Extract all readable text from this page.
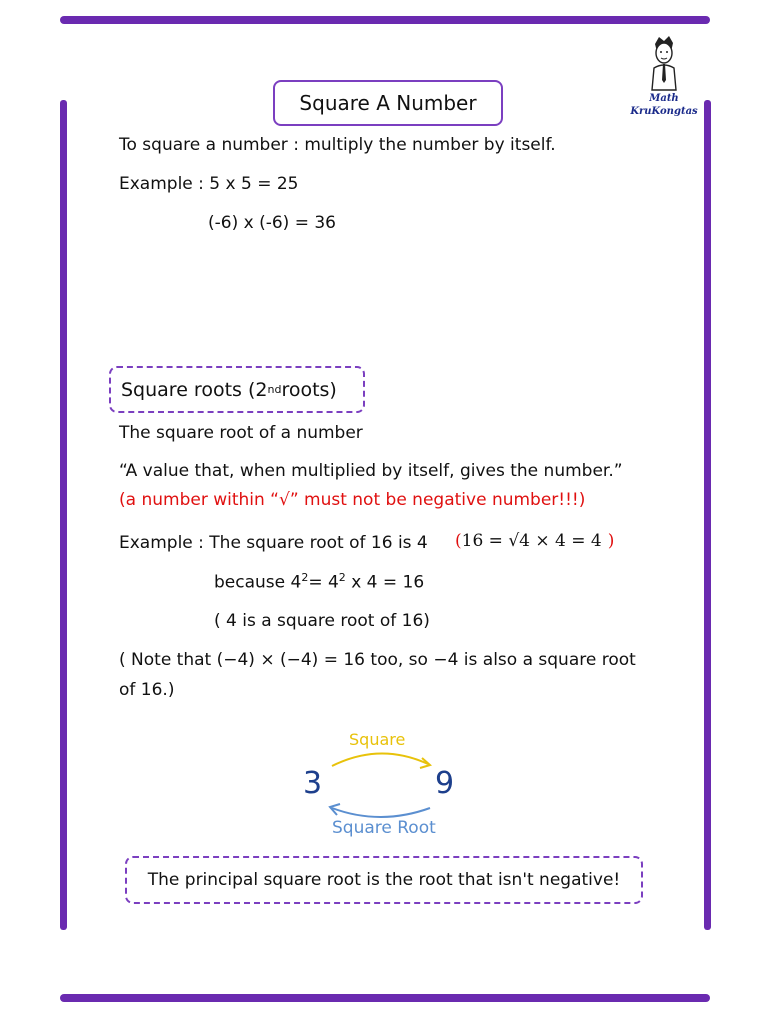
Math
KruKongtas
Square A Number
To square a number : multiply the number by itself.
Example : 5 x 5 = 25
(-6) x (-6) = 36
Square roots (2 nd roots)
The square root of a number
“A value that, when multiplied by itself, gives the number.”
(a number within “√” must not be negative number!!!)
Example : The square root of 16 is 4 (16 = √4 × 4 = 4 )
because $4^2= 4^2$ x 4 = 16
( 4 is a square root of 16)
( Note that (−4) × (−4) = 16 too, so −4 is also a square root
of 16.)
3	9
Square
Square Root
The principal square root is the root that isn't negative!
